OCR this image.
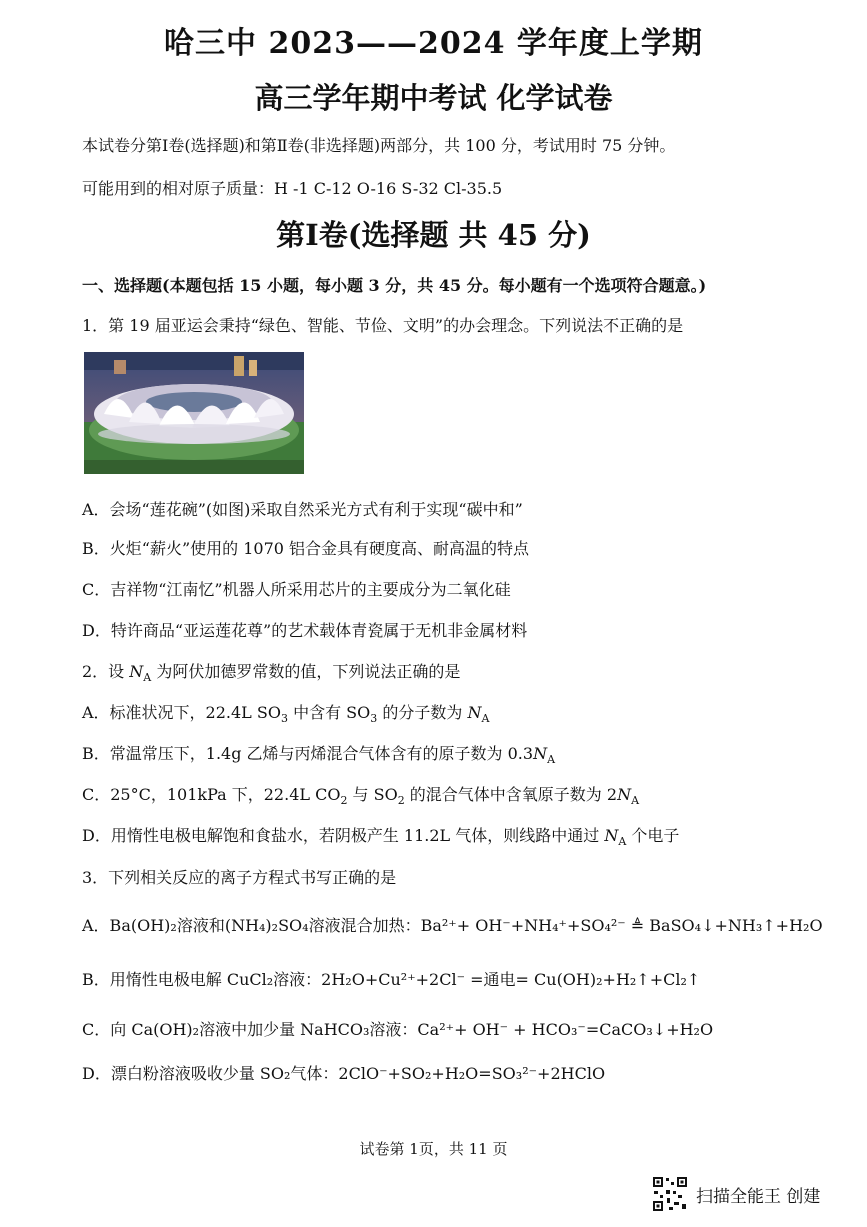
哈三中 2023——2024 学年度上学期
高三学年期中考试 化学试卷
本试卷分第Ⅰ卷(选择题)和第Ⅱ卷(非选择题)两部分，共 100 分，考试用时 75 分钟。
可能用到的相对原子质量：H -1 C-12 O-16 S-32 Cl-35.5
第Ⅰ卷(选择题 共 45 分)
一、选择题(本题包括 15 小题，每小题 3 分，共 45 分。每小题有一个选项符合题意。)
1．第 19 届亚运会秉持“绿色、智能、节俭、文明”的办会理念。下列说法不正确的是
A．会场“莲花碗”(如图)采取自然采光方式有利于实现“碳中和”
B．火炬“薪火”使用的 1070 铝合金具有硬度高、耐高温的特点
C．吉祥物“江南忆”机器人所采用芯片的主要成分为二氧化硅
D．特许商品“亚运莲花尊”的艺术载体青瓷属于无机非金属材料
2．设 $N_A$ 为阿伏加德罗常数的值，下列说法正确的是
A．标准状况下，22.4L $SO_3$ 中含有 $SO_3$ 的分子数为 $N_A$
B．常温常压下，1.4g 乙烯与丙烯混合气体含有的原子数为 $0.3N_A$
C．25°C，101kPa 下，22.4L $CO_2$ 与 $SO_2$ 的混合气体中含氧原子数为 $2N_A$
D．用惰性电极电解饱和食盐水，若阴极产生 11.2L 气体，则线路中通过 $N_A$ 个电子
3．下列相关反应的离子方程式书写正确的是
A．Ba(OH)₂溶液和(NH₄)₂SO₄溶液混合加热：Ba²⁺+ OH⁻+NH₄⁺+SO₄²⁻ ≜ BaSO₄↓+NH₃↑+H₂O
B．用惰性电极电解 CuCl₂溶液：2H₂O+Cu²⁺+2Cl⁻ =通电= Cu(OH)₂+H₂↑+Cl₂↑
C．向 Ca(OH)₂溶液中加少量 NaHCO₃溶液：Ca²⁺+ OH⁻ + HCO₃⁻=CaCO₃↓+H₂O
D．漂白粉溶液吸收少量 SO₂气体：2ClO⁻+SO₂+H₂O=SO₃²⁻+2HClO
试卷第 1页，共 11 页
扫描全能王 创建
